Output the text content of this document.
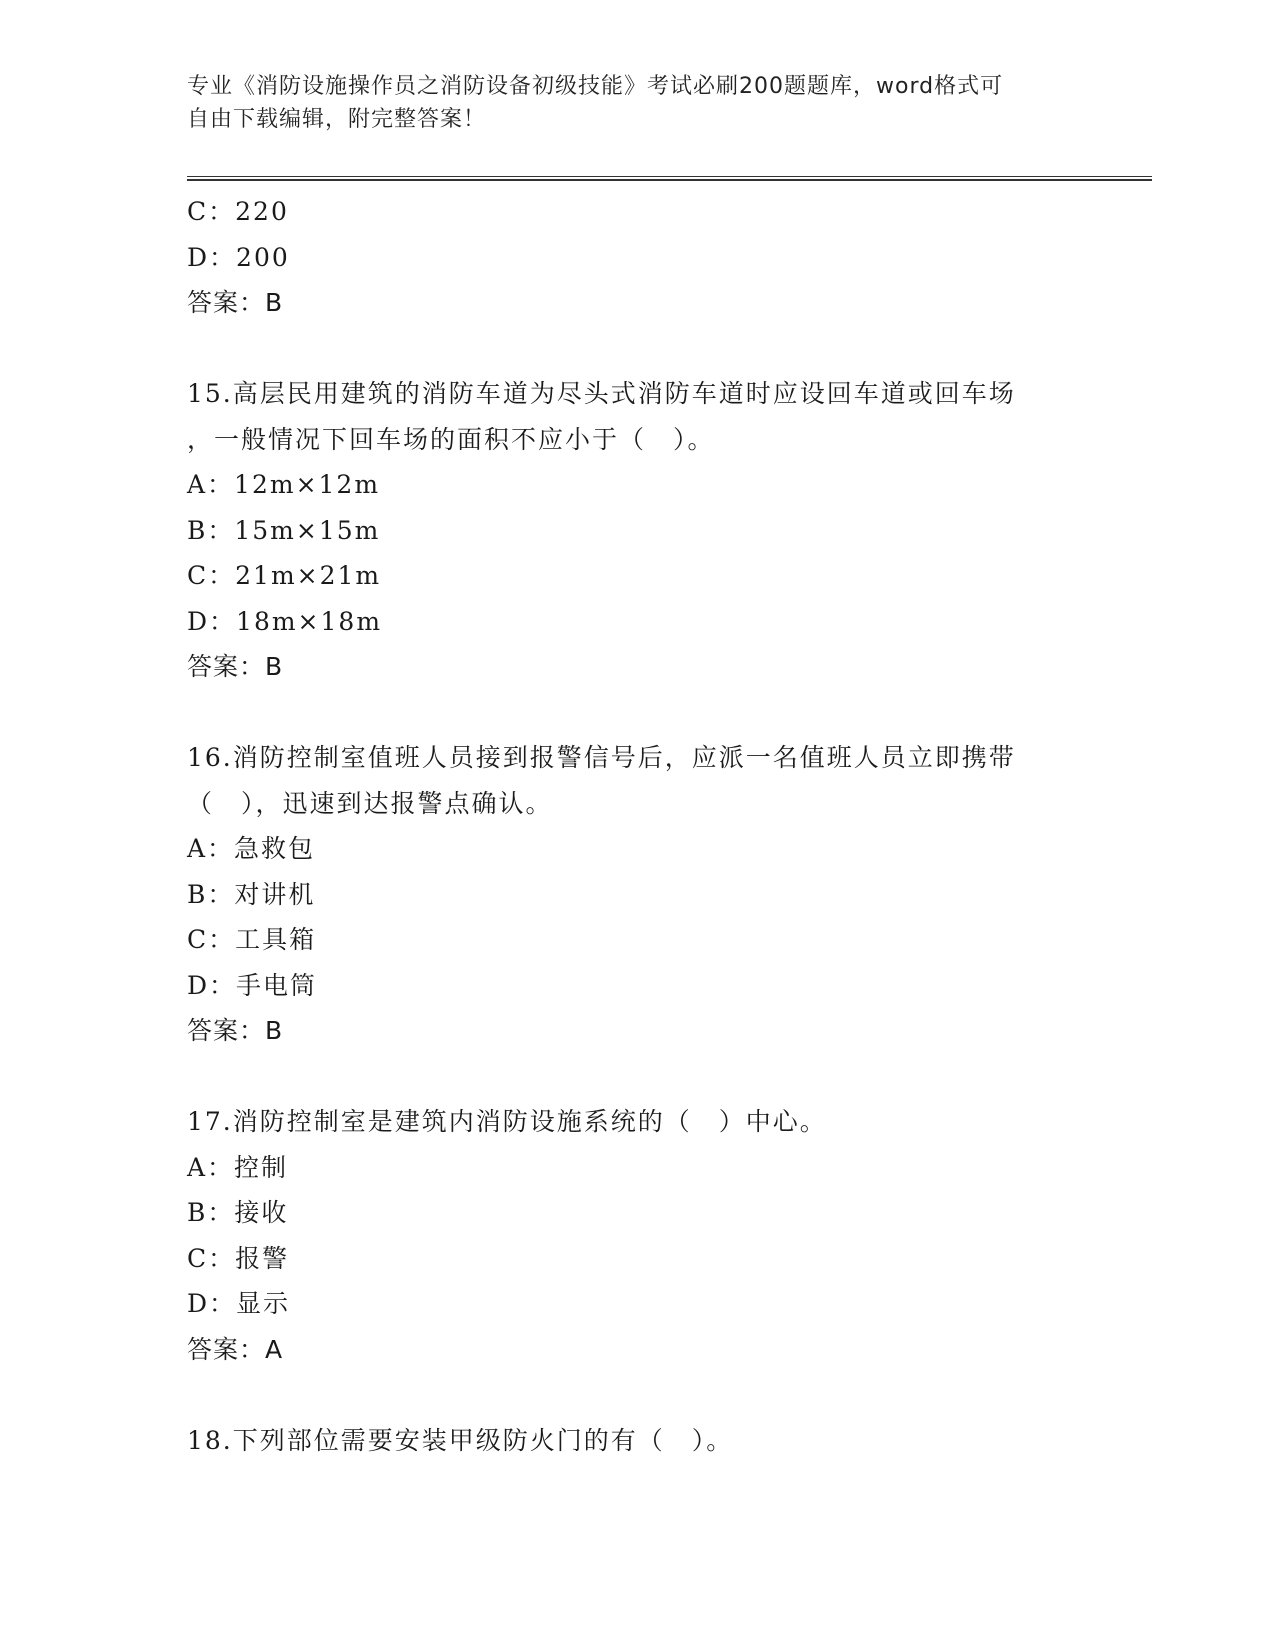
专业《消防设施操作员之消防设备初级技能》考试必刷200题题库，word格式可
自由下载编辑，附完整答案！
C：220
D：200
答案：B
15.高层民用建筑的消防车道为尽头式消防车道时应设回车道或回车场
，一般情况下回车场的面积不应小于（　）。
A：12m×12m
B：15m×15m
C：21m×21m
D：18m×18m
答案：B
16.消防控制室值班人员接到报警信号后，应派一名值班人员立即携带
（　），迅速到达报警点确认。
A：急救包
B：对讲机
C：工具箱
D：手电筒
答案：B
17.消防控制室是建筑内消防设施系统的（　）中心。
A：控制
B：接收
C：报警
D：显示
答案：A
18.下列部位需要安装甲级防火门的有（　）。
